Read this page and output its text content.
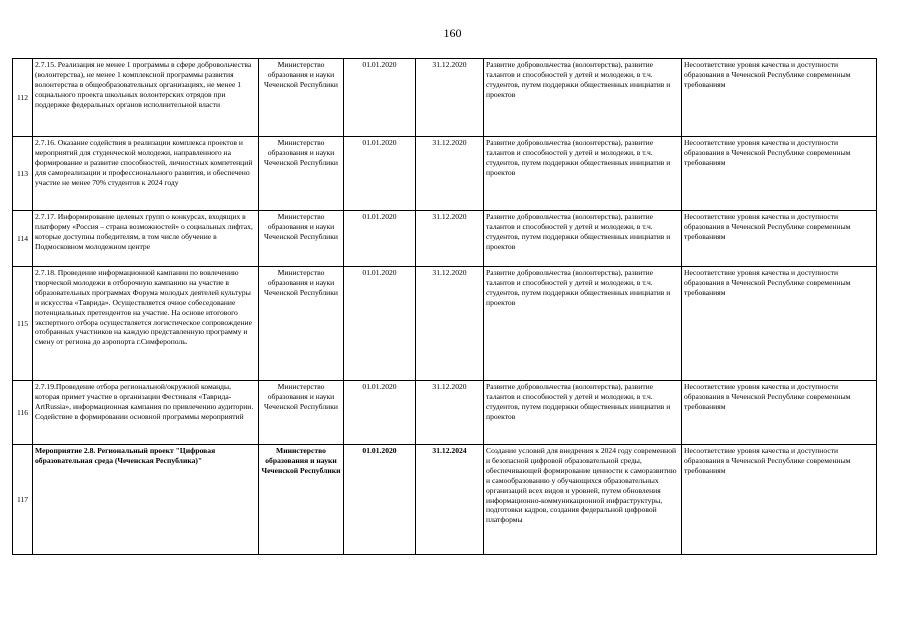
160
112	2.7.15. Реализация не менее 1 программы в сфере добровольчества (волонтерства), не менее 1 комплексной программы развития волонтерства в общеобразовательных организациях, не менее 1 социального проекта школьных волонтерских отрядов при поддержке федеральных органов исполнительной власти	Министерство образования и науки Чеченской Республики	01.01.2020	31.12.2020	Развитие добровольчества (волонтерства), развитие талантов и способностей у детей и молодежи, в т.ч. студентов, путем поддержки общественных инициатив и проектов	Несоответствие уровня качества и доступности образования в Чеченской Республике современным требованиям
113	2.7.16. Оказание содействия в реализации комплекса проектов и мероприятий для студенческой молодежи, направленного на формирование и развитие способностей, личностных компетенций для самореализации и профессионального развития, и обеспечено участие не менее 70% студентов к 2024 году	Министерство образования и науки Чеченской Республики	01.01.2020	31.12.2020	Развитие добровольчества (волонтерства), развитие талантов и способностей у детей и молодежи, в т.ч. студентов, путем поддержки общественных инициатив и проектов	Несоответствие уровня качества и доступности образования в Чеченской Республике современным требованиям
114	2.7.17. Информирование целевых групп о конкурсах, входящих в платформу «Россия – страна возможностей» о социальных лифтах, которые доступны победителям, в том числе обучение в Подмосковном молодежном центре	Министерство образования и науки Чеченской Республики	01.01.2020	31.12.2020	Развитие добровольчества (волонтерства), развитие талантов и способностей у детей и молодежи, в т.ч. студентов, путем поддержки общественных инициатив и проектов	Несоответствие уровня качества и доступности образования в Чеченской Республике современным требованиям
115	2.7.18. Проведение информационной кампании по вовлечению творческой молодежи в отборочную кампанию на участие в образовательных программах Форума молодых деятелей культуры и искусства «Таврида». Осуществляется очное собеседование потенциальных претендентов на участие. На основе итогового экспертного отбора осуществляется логистическое сопровождение отобранных участников на каждую представленную программу и смену от региона до аэропорта г.Симферополь.	Министерство образования и науки Чеченской Республики	01.01.2020	31.12.2020	Развитие добровольчества (волонтерства), развитие талантов и способностей у детей и молодежи, в т.ч. студентов, путем поддержки общественных инициатив и проектов	Несоответствие уровня качества и доступности образования в Чеченской Республике современным требованиям
116	2.7.19.Проведение отбора региональной/окружной команды, которая примет участие в организации Фестиваля «Таврида-ArtRussia», информационная кампания по привлечению аудитории. Содействие в формировании основной программы мероприятий	Министерство образования и науки Чеченской Республики	01.01.2020	31.12.2020	Развитие добровольчества (волонтерства), развитие талантов и способностей у детей и молодежи, в т.ч. студентов, путем поддержки общественных инициатив и проектов	Несоответствие уровня качества и доступности образования в Чеченской Республике современным требованиям
117	Мероприятие 2.8. Региональный проект "Цифровая образовательная среда (Чеченская Республика)"	Министерство образования и науки Чеченской Республики	01.01.2020	31.12.2024	Создание условий для внедрения к 2024 году современной и безопасной цифровой образовательной среды, обеспечивающей формирование ценности к саморазвитию и самообразованию у обучающихся образовательных организаций всех видов и уровней, путем обновления информационно-коммуникационной инфраструктуры, подготовки кадров, создания федеральной цифровой платформы	Несоответствие уровня качества и доступности образования в Чеченской Республике современным требованиям
